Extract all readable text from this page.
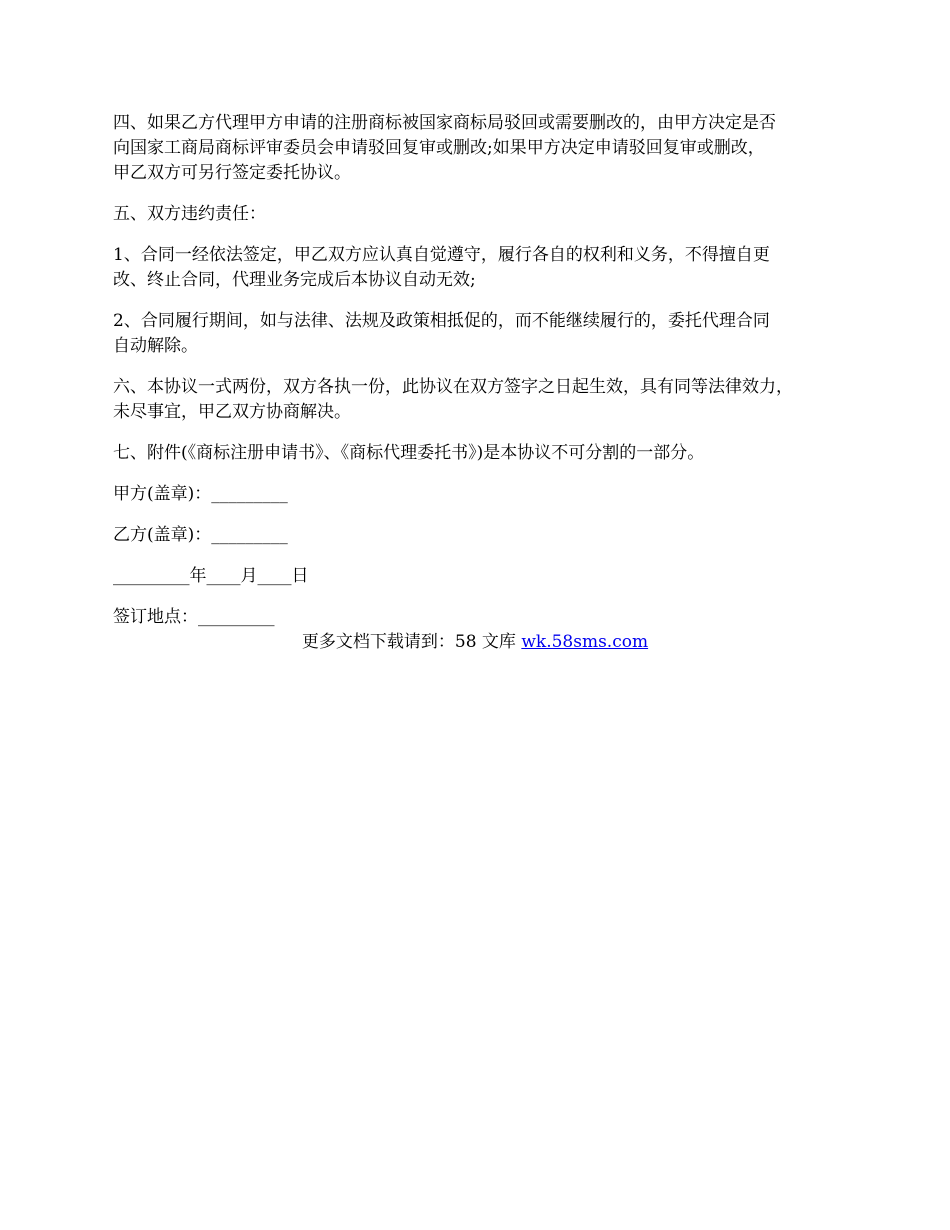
四、如果乙方代理甲方申请的注册商标被国家商标局驳回或需要删改的，由甲方决定是否
向国家工商局商标评审委员会申请驳回复审或删改;如果甲方决定申请驳回复审或删改，
甲乙双方可另行签定委托协议。

五、双方违约责任：

1、合同一经依法签定，甲乙双方应认真自觉遵守，履行各自的权利和义务，不得擅自更
改、终止合同，代理业务完成后本协议自动无效;

2、合同履行期间，如与法律、法规及政策相抵促的，而不能继续履行的，委托代理合同
自动解除。

六、本协议一式两份，双方各执一份，此协议在双方签字之日起生效，具有同等法律效力，
未尽事宜，甲乙双方协商解决。

七、附件(《商标注册申请书》、《商标代理委托书》)是本协议不可分割的一部分。

甲方(盖章)：_________

乙方(盖章)：_________

_________年____月____日

签订地点：_________

更多文档下载请到：58 文库 wk.58sms.com
